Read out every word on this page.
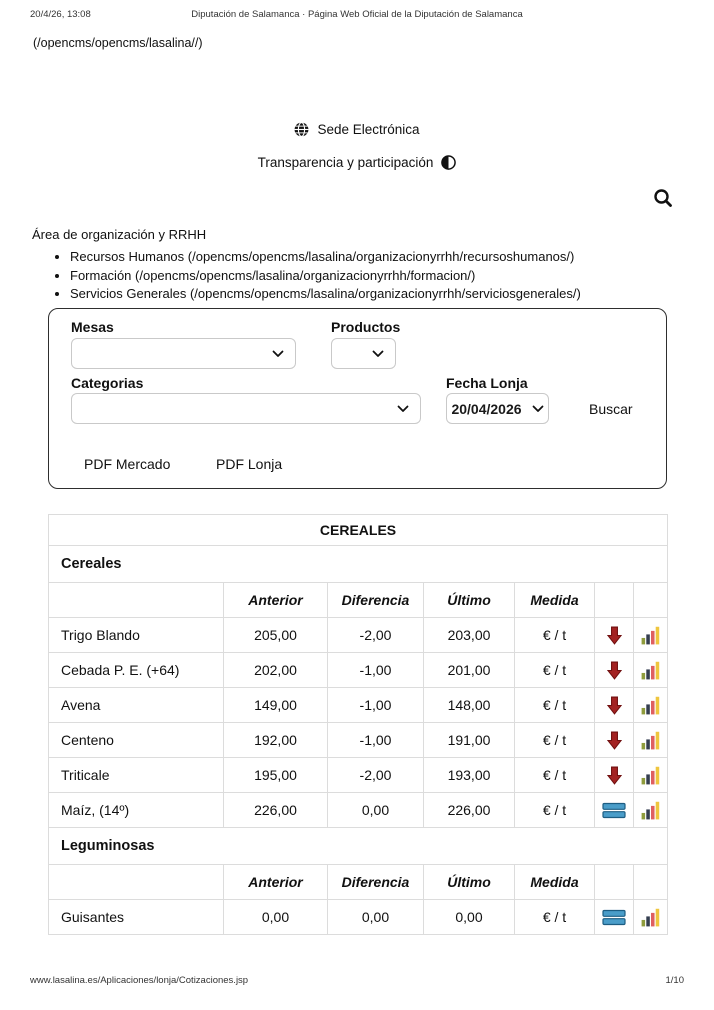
20/4/26, 13:08	Diputación de Salamanca · Página Web Oficial de la Diputación de Salamanca
(/opencms/opencms/lasalina//)
Sede Electrónica
Transparencia y participación
Área de organización y RRHH
• Recursos Humanos (/opencms/opencms/lasalina/organizacionyrrhh/recursoshumanos/)
• Formación (/opencms/opencms/lasalina/organizacionyrrhh/formacion/)
• Servicios Generales (/opencms/opencms/lasalina/organizacionyrrhh/serviciosgenerales/)
Mesas	Productos
Categorias	Fecha Lonja
20/04/2026	Buscar
PDF Mercado	PDF Lonja
CEREALES						
Cereales						
	Anterior	Diferencia	Último	Medida		
Trigo Blando	205,00	-2,00	203,00	€ / t	

Cebada P. E. (+64)	202,00	-1,00	201,00	€ / t	

Avena	149,00	-1,00	148,00	€ / t	

Centeno	192,00	-1,00	191,00	€ / t	

Triticale	195,00	-2,00	193,00	€ / t	

Maíz, (14º)	226,00	0,00	226,00	€ / t	

Leguminosas						
	Anterior	Diferencia	Último	Medida		
Guisantes	0,00	0,00	0,00	€ / t	

www.lasalina.es/Aplicaciones/lonja/Cotizaciones.jsp	1/10
